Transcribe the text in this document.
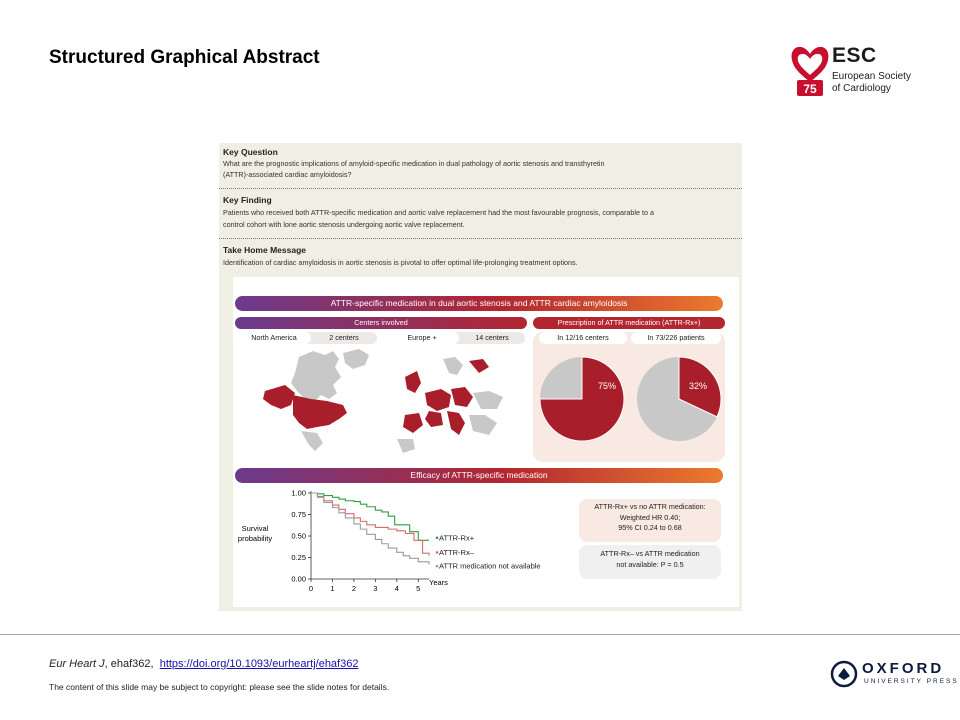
Structured Graphical Abstract
75
ESC
European Society
of Cardiology
Key Question
What are the prognostic implications of amyloid-specific medication in dual pathology of aortic stenosis and transthyretin
(ATTR)-associated cardiac amyloidosis?
Key Finding
Patients who received both ATTR-specific medication and aortic valve replacement had the most favourable prognosis, comparable to a
control cohort with lone aortic stenosis undergoing aortic valve replacement.
Take Home Message
Identification of cardiac amyloidosis in aortic stenosis is pivotal to offer optimal life-prolonging treatment options.
ATTR-specific medication in dual aortic stenosis and ATTR cardiac amyloidosis
Centers involved	Prescription of ATTR medication (ATTR-Rx+)
North America	2 centers	Europe +	14 centers	In 12/16 centers	In 73/226 patients
75%	32%
Efficacy of ATTR-specific medication
1.00
0.75
0.50
0.25
0.00
0 1 2 3 4 5
ATTR-Rx+
ATTR-Rx–
ATTR medication not available
Survival
probability
Years
ATTR-Rx+ vs no ATTR medication:
Weighted HR 0.40;
95% CI 0.24 to 0.68
ATTR-Rx– vs ATTR medication
not available: P = 0.5
Eur Heart J, ehaf362, https://doi.org/10.1093/eurheartj/ehaf362
The content of this slide may be subject to copyright: please see the slide notes for details.
OXFORD
UNIVERSITY PRESS
